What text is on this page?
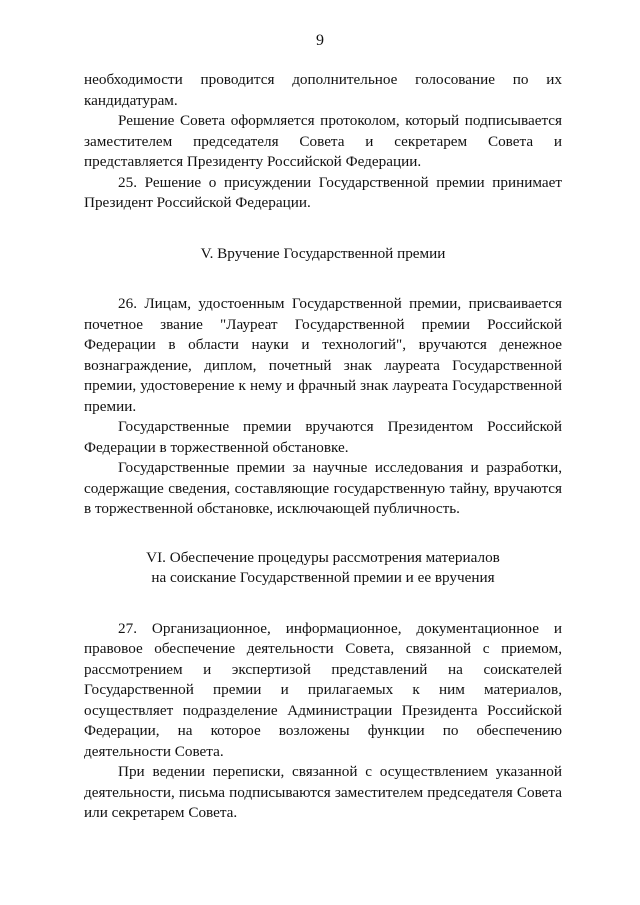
9

необходимости проводится дополнительное голосование по их кандидатурам.

Решение Совета оформляется протоколом, который подписывается заместителем председателя Совета и секретарем Совета и представляется Президенту Российской Федерации.

25. Решение о присуждении Государственной премии принимает Президент Российской Федерации.

V. Вручение Государственной премии

26. Лицам, удостоенным Государственной премии, присваивается почетное звание "Лауреат Государственной премии Российской Федерации в области науки и технологий", вручаются денежное вознаграждение, диплом, почетный знак лауреата Государственной премии, удостоверение к нему и фрачный знак лауреата Государственной премии.

Государственные премии вручаются Президентом Российской Федерации в торжественной обстановке.

Государственные премии за научные исследования и разработки, содержащие сведения, составляющие государственную тайну, вручаются в торжественной обстановке, исключающей публичность.

VI. Обеспечение процедуры рассмотрения материалов
на соискание Государственной премии и ее вручения

27. Организационное, информационное, документационное и правовое обеспечение деятельности Совета, связанной с приемом, рассмотрением и экспертизой представлений на соискателей Государственной премии и прилагаемых к ним материалов, осуществляет подразделение Администрации Президента Российской Федерации, на которое возложены функции по обеспечению деятельности Совета.

При ведении переписки, связанной с осуществлением указанной деятельности, письма подписываются заместителем председателя Совета или секретарем Совета.
